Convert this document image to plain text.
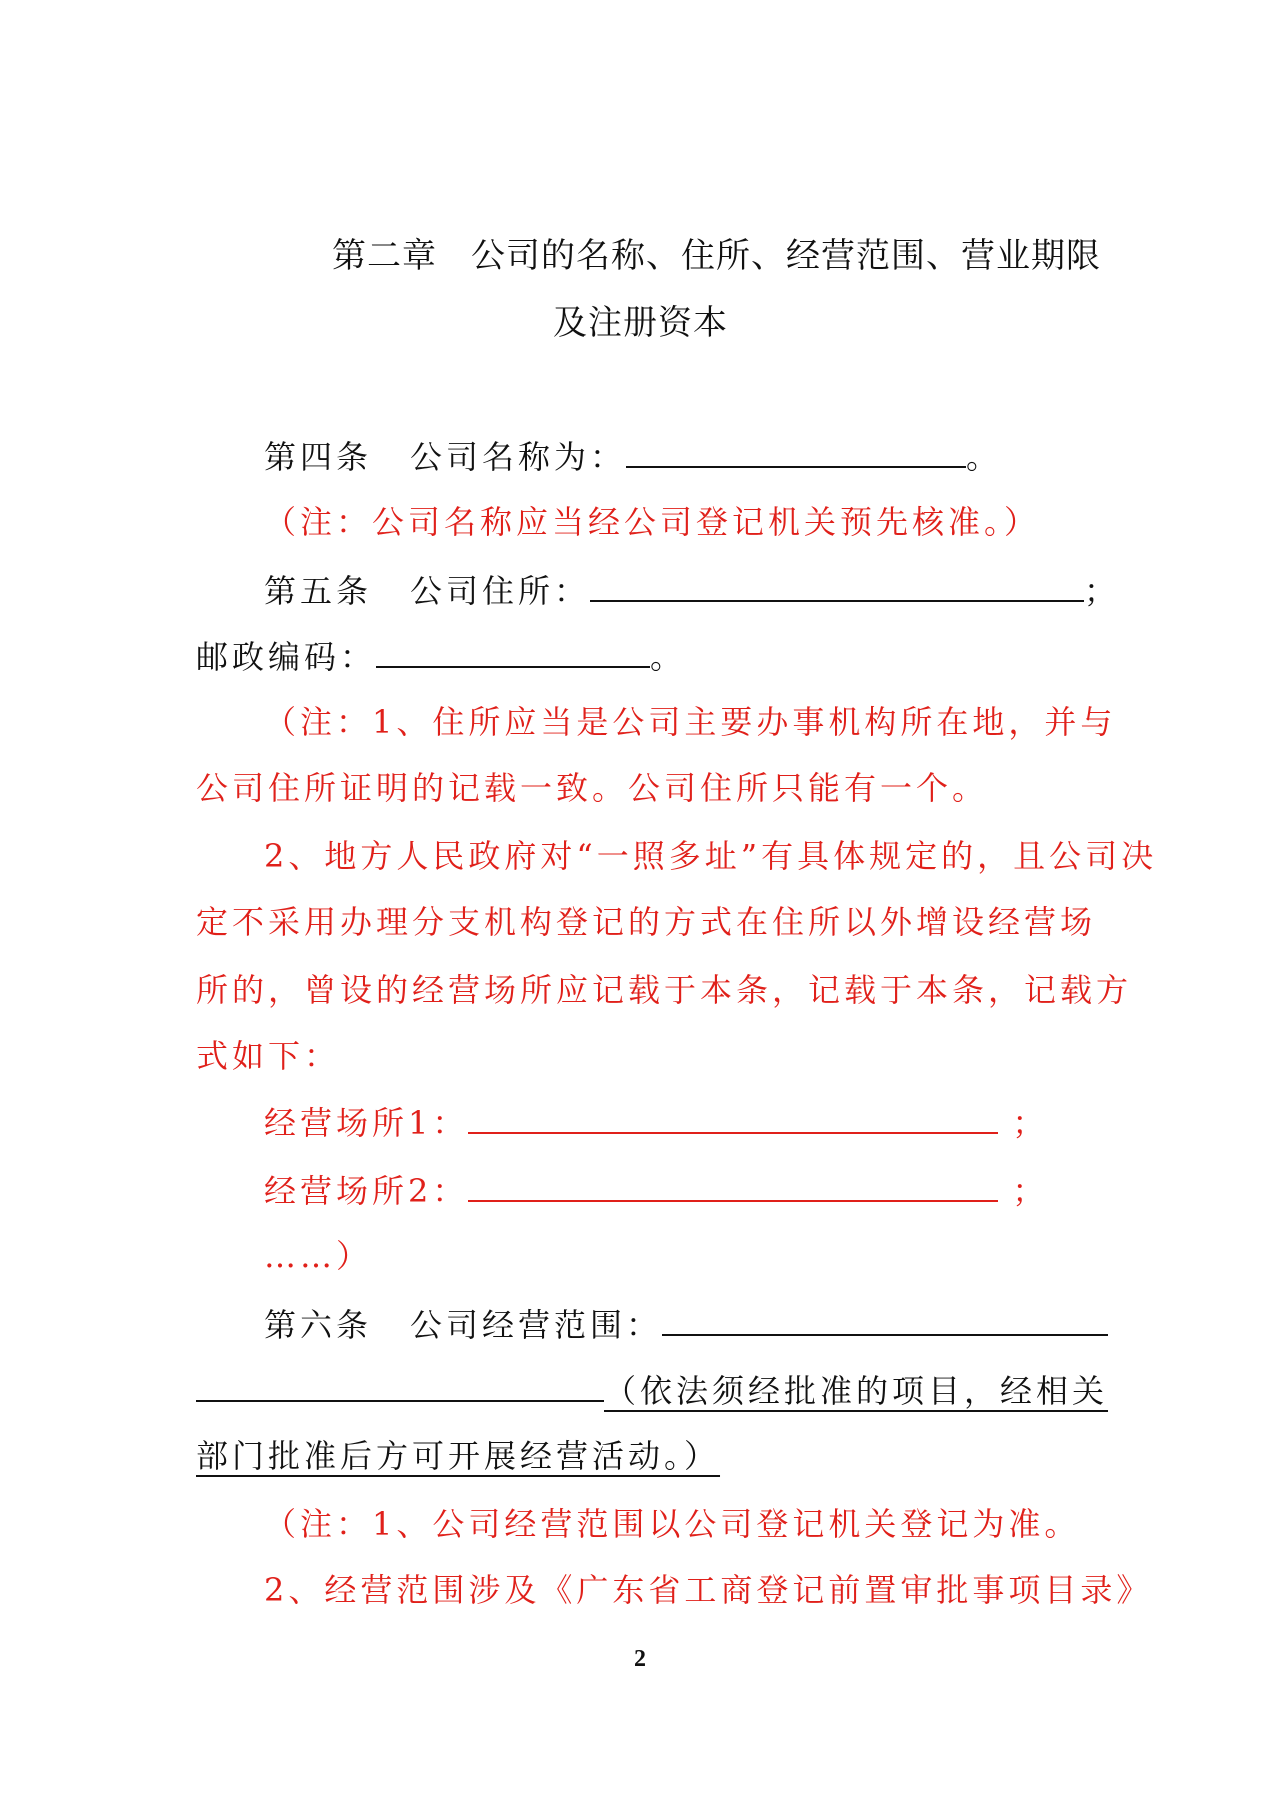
第二章 公司的名称、住所、经营范围、营业期限
及注册资本
第四条 公司名称为：	。
（注：公司名称应当经公司登记机关预先核准。）
第五条 公司住所：	；
邮政编码：	。
（注：1、住所应当是公司主要办事机构所在地，并与
公司住所证明的记载一致。公司住所只能有一个。
2、地方人民政府对“一照多址”有具体规定的，且公司决
定不采用办理分支机构登记的方式在住所以外增设经营场
所的，曾设的经营场所应记载于本条，记载于本条，记载方
式如下：
经营场所1：	；
经营场所2：	；
……）
第六条 公司经营范围：
（依法须经批准的项目，经相关
部门批准后方可开展经营活动。）
（注：1、公司经营范围以公司登记机关登记为准。
2、经营范围涉及《广东省工商登记前置审批事项目录》
2
